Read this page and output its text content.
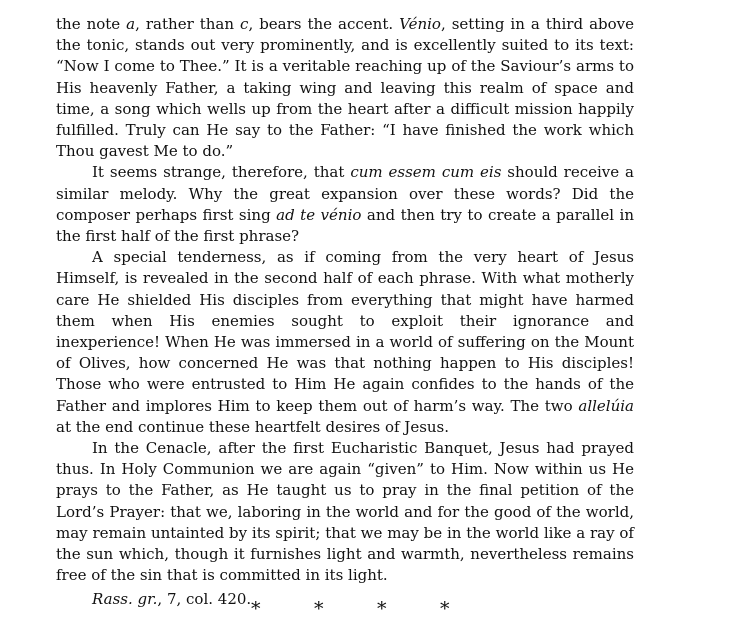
the note a, rather than c, bears the accent. Vénio, setting in a third above the tonic, stands out very prominently, and is excellently suited to its text: “Now I come to Thee.” It is a veritable reaching up of the Saviour’s arms to His heavenly Father, a taking wing and leaving this realm of space and time, a song which wells up from the heart after a difficult mission happily fulfilled. Truly can He say to the Father: “I have finished the work which Thou gavest Me to do.”

It seems strange, therefore, that cum essem cum eis should receive a similar melody. Why the great expansion over these words? Did the composer perhaps first sing ad te vénio and then try to create a parallel in the first half of the first phrase?

A special tenderness, as if coming from the very heart of Jesus Himself, is revealed in the second half of each phrase. With what motherly care He shielded His disciples from everything that might have harmed them when His enemies sought to exploit their ignorance and inexperience! When He was immersed in a world of suffering on the Mount of Olives, how concerned He was that nothing happen to His disciples! Those who were entrusted to Him He again confides to the hands of the Father and implores Him to keep them out of harm’s way. The two allelúia at the end continue these heartfelt desires of Jesus.

In the Cenacle, after the first Eucharistic Banquet, Jesus had prayed thus. In Holy Communion we are again “given” to Him. Now within us He prays to the Father, as He taught us to pray in the final petition of the Lord’s Prayer: that we, laboring in the world and for the good of the world, may remain untainted by its spirit; that we may be in the world like a ray of the sun which, though it furnishes light and warmth, nevertheless remains free of the sin that is committed in its light.

Rass. gr., 7, col. 420. *	*	*	*
